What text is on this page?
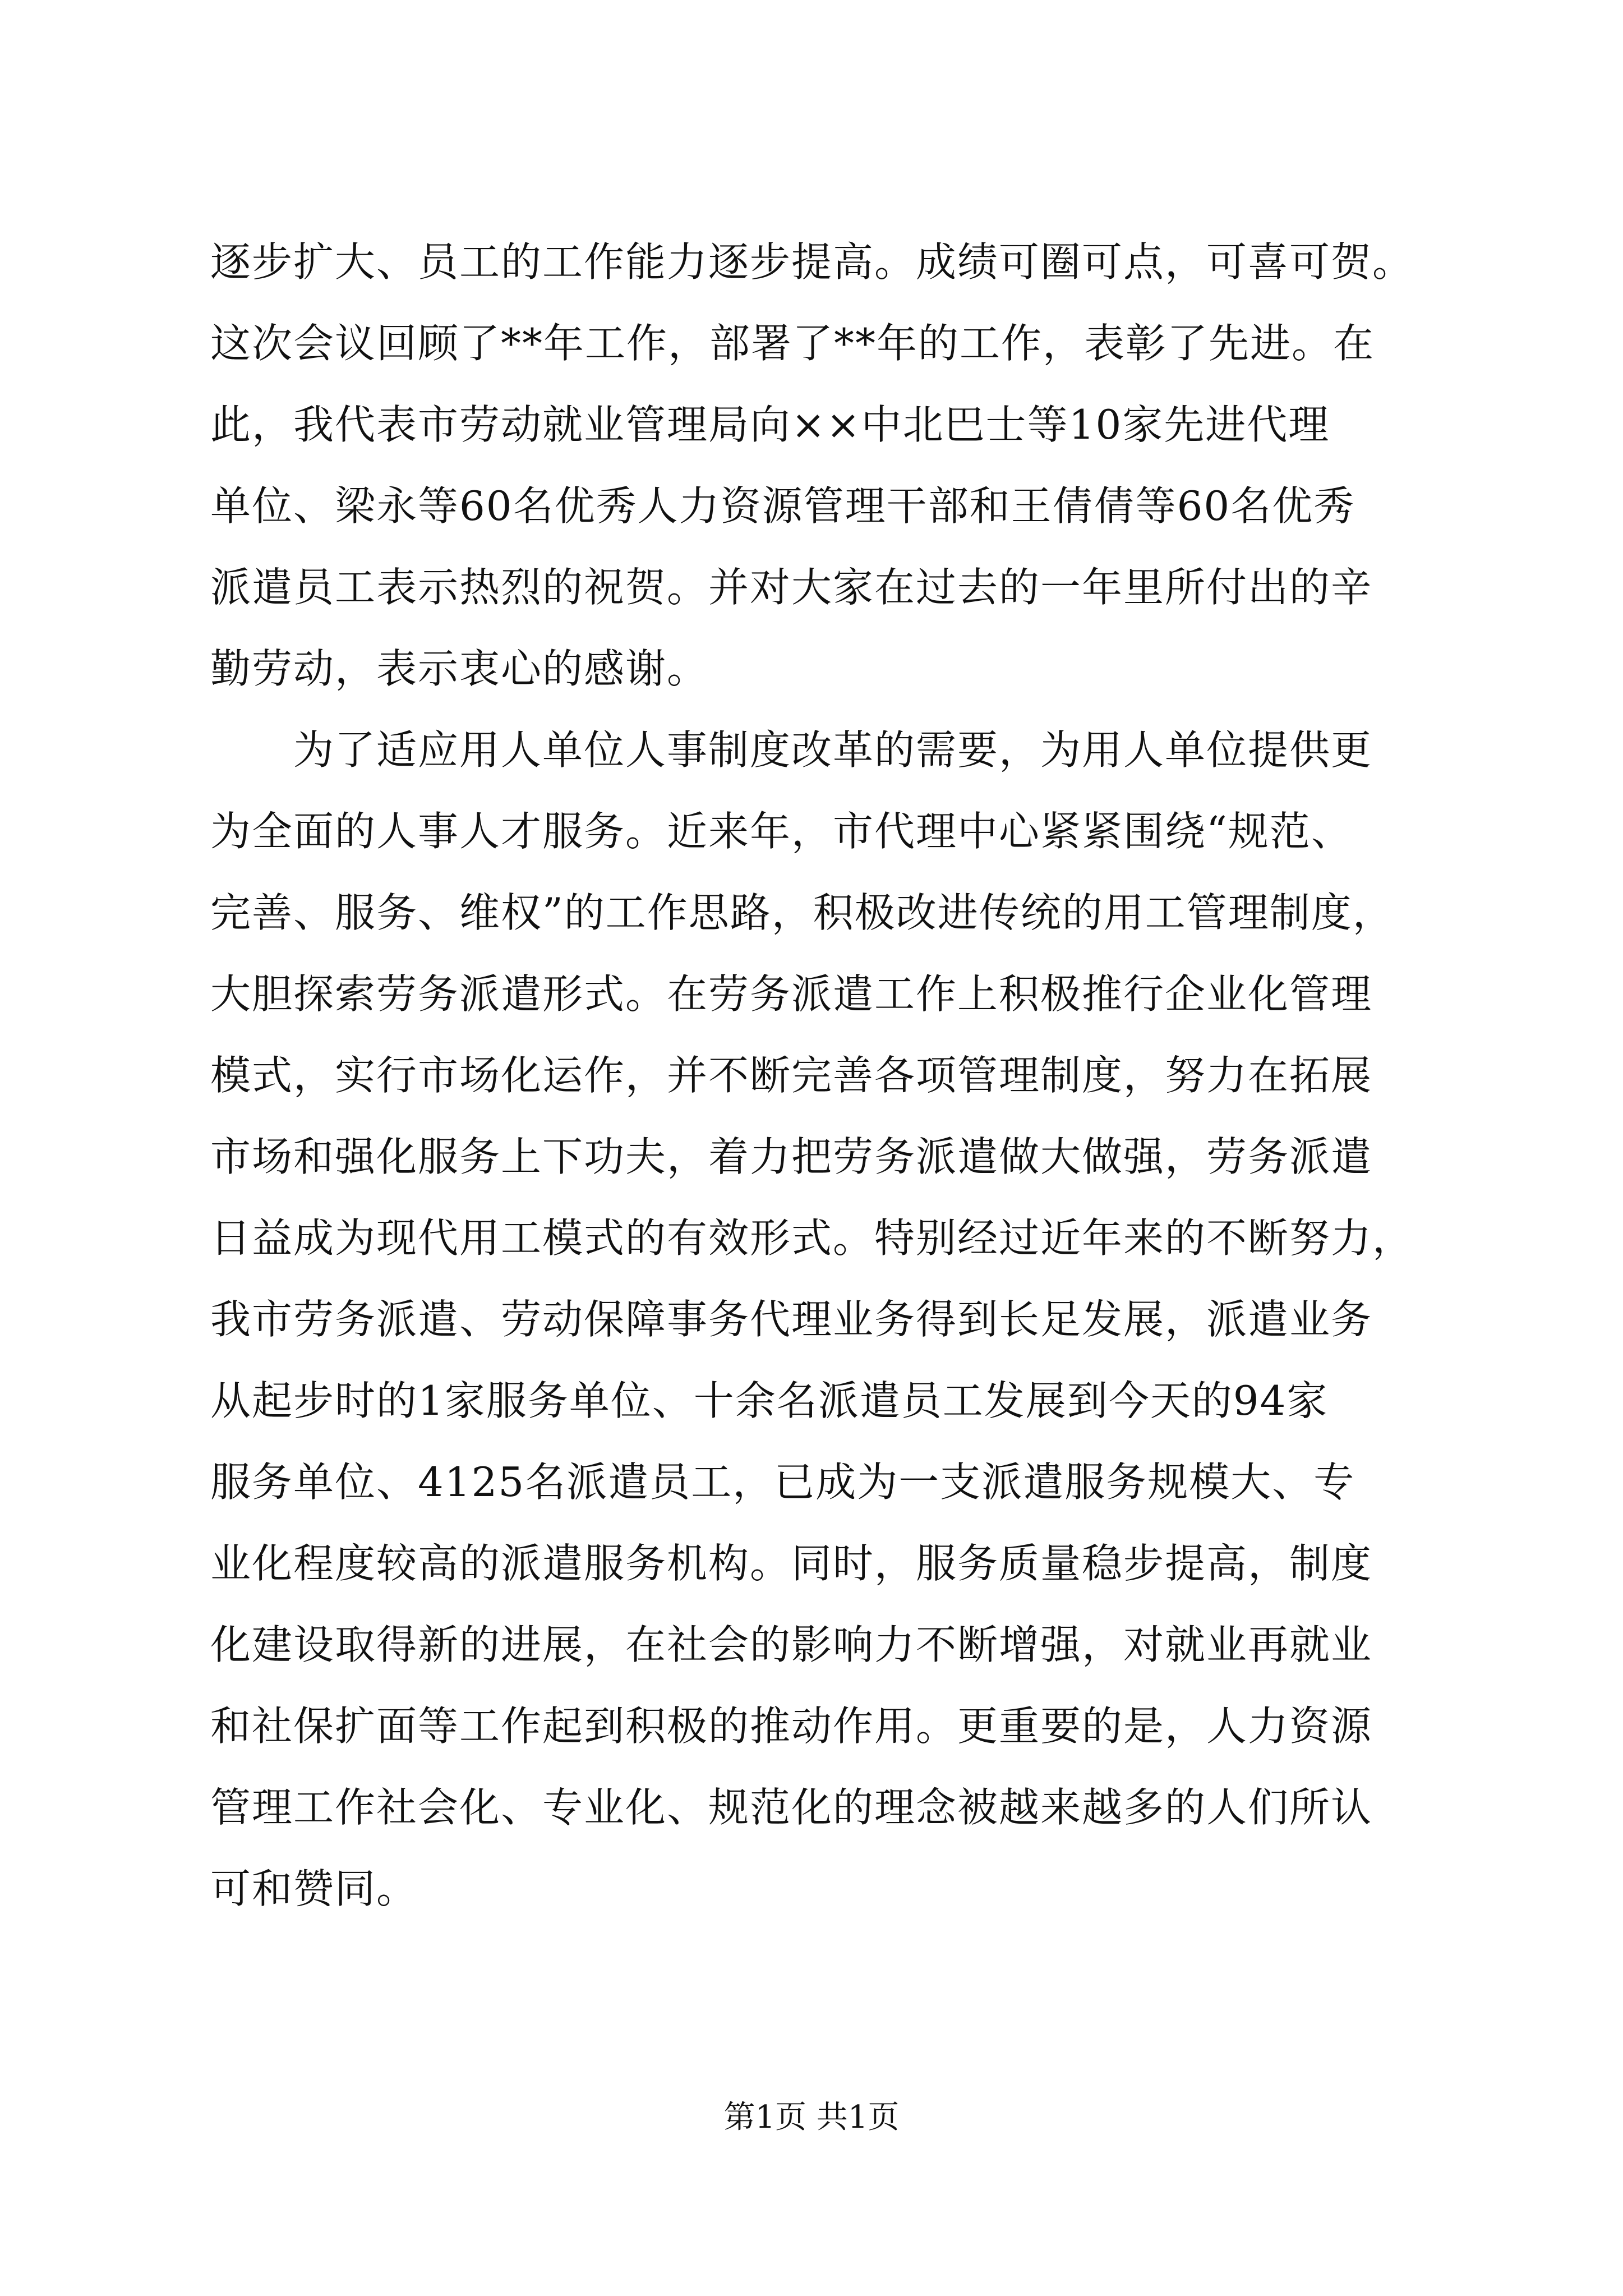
逐步扩大、员工的工作能力逐步提高。成绩可圈可点，可喜可贺。
这次会议回顾了**年工作，部署了**年的工作，表彰了先进。在
此，我代表市劳动就业管理局向××中北巴士等10家先进代理
单位、梁永等60名优秀人力资源管理干部和王倩倩等60名优秀
派遣员工表示热烈的祝贺。并对大家在过去的一年里所付出的辛
勤劳动，表示衷心的感谢。
　　为了适应用人单位人事制度改革的需要，为用人单位提供更
为全面的人事人才服务。近来年，市代理中心紧紧围绕“规范、
完善、服务、维权”的工作思路，积极改进传统的用工管理制度，
大胆探索劳务派遣形式。在劳务派遣工作上积极推行企业化管理
模式，实行市场化运作，并不断完善各项管理制度，努力在拓展
市场和强化服务上下功夫，着力把劳务派遣做大做强，劳务派遣
日益成为现代用工模式的有效形式。特别经过近年来的不断努力，
我市劳务派遣、劳动保障事务代理业务得到长足发展，派遣业务
从起步时的1家服务单位、十余名派遣员工发展到今天的94家
服务单位、4125名派遣员工，已成为一支派遣服务规模大、专
业化程度较高的派遣服务机构。同时，服务质量稳步提高，制度
化建设取得新的进展，在社会的影响力不断增强，对就业再就业
和社保扩面等工作起到积极的推动作用。更重要的是，人力资源
管理工作社会化、专业化、规范化的理念被越来越多的人们所认
可和赞同。
第1页 共1页
